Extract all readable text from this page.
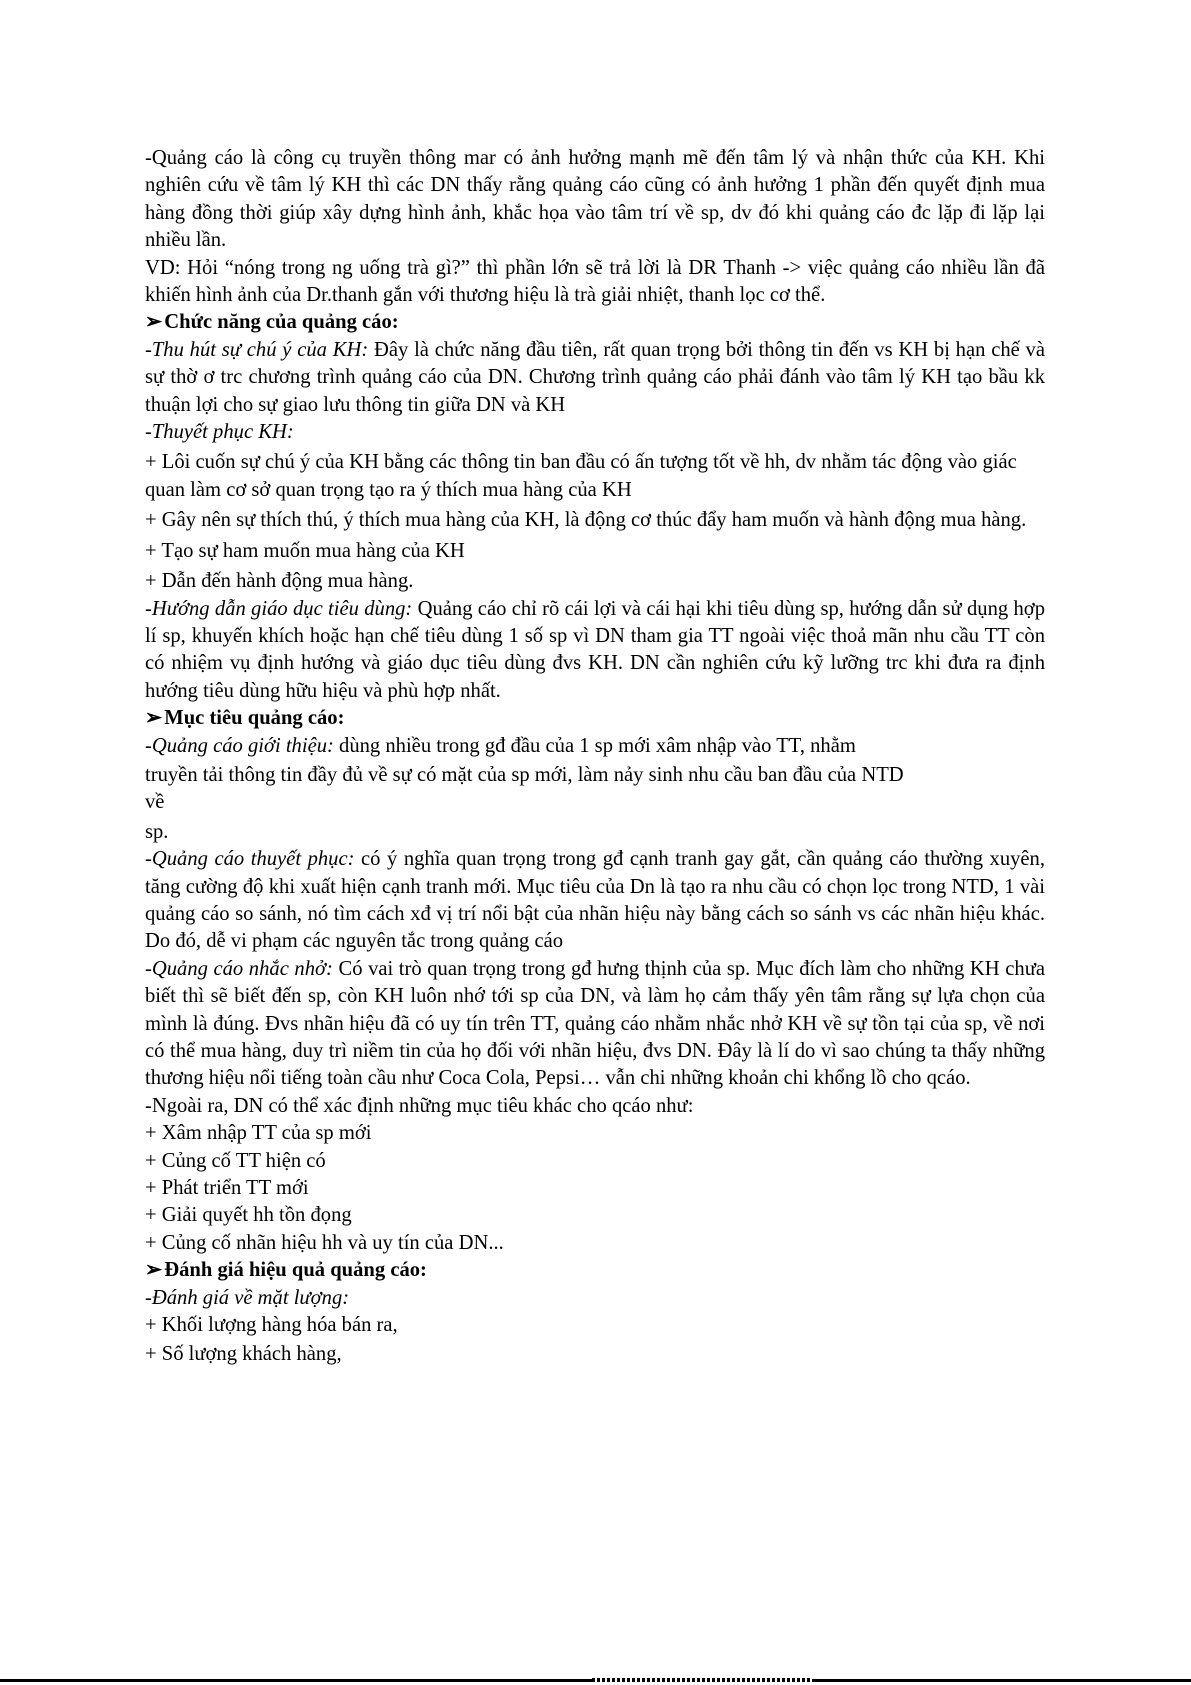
-Quảng cáo là công cụ truyền thông mar có ảnh hưởng mạnh mẽ đến tâm lý và nhận thức của KH. Khi nghiên cứu về tâm lý KH thì các DN thấy rằng quảng cáo cũng có ảnh hưởng 1 phần đến quyết định mua hàng đồng thời giúp xây dựng hình ảnh, khắc họa vào tâm trí về sp, dv đó khi quảng cáo đc lặp đi lặp lại nhiều lần.

VD: Hỏi “nóng trong ng uống trà gì?” thì phần lớn sẽ trả lời là DR Thanh -> việc quảng cáo nhiều lần đã khiến hình ảnh của Dr.thanh gắn với thương hiệu là trà giải nhiệt, thanh lọc cơ thể.

➢Chức năng của quảng cáo:

-Thu hút sự chú ý của KH: Đây là chức năng đầu tiên, rất quan trọng bởi thông tin đến vs KH bị hạn chế và sự thờ ơ trc chương trình quảng cáo của DN. Chương trình quảng cáo phải đánh vào tâm lý KH tạo bầu kk thuận lợi cho sự giao lưu thông tin giữa DN và KH

-Thuyết phục KH:

+ Lôi cuốn sự chú ý của KH bằng các thông tin ban đầu có ấn tượng tốt về hh, dv nhằm tác động vào giác quan làm cơ sở quan trọng tạo ra ý thích mua hàng của KH

+ Gây nên sự thích thú, ý thích mua hàng của KH, là động cơ thúc đẩy ham muốn và hành động mua hàng.

+ Tạo sự ham muốn mua hàng của KH

+ Dẫn đến hành động mua hàng.

-Hướng dẫn giáo dục tiêu dùng: Quảng cáo chỉ rõ cái lợi và cái hại khi tiêu dùng sp, hướng dẫn sử dụng hợp lí sp, khuyến khích hoặc hạn chế tiêu dùng 1 số sp vì DN tham gia TT ngoài việc thoả mãn nhu cầu TT còn có nhiệm vụ định hướng và giáo dục tiêu dùng đvs KH. DN cần nghiên cứu kỹ lưỡng trc khi đưa ra định hướng tiêu dùng hữu hiệu và phù hợp nhất.

➢Mục tiêu quảng cáo:

-Quảng cáo giới thiệu: dùng nhiều trong gđ đầu của 1 sp mới xâm nhập vào TT, nhằm

truyền tải thông tin đầy đủ về sự có mặt của sp mới, làm nảy sinh nhu cầu ban đầu của NTD

về

sp.

-Quảng cáo thuyết phục: có ý nghĩa quan trọng trong gđ cạnh tranh gay gắt, cần quảng cáo thường xuyên, tăng cường độ khi xuất hiện cạnh tranh mới. Mục tiêu của Dn là tạo ra nhu cầu có chọn lọc trong NTD, 1 vài quảng cáo so sánh, nó tìm cách xđ vị trí nổi bật của nhãn hiệu này bằng cách so sánh vs các nhãn hiệu khác. Do đó, dễ vi phạm các nguyên tắc trong quảng cáo

-Quảng cáo nhắc nhở: Có vai trò quan trọng trong gđ hưng thịnh của sp. Mục đích làm cho những KH chưa biết thì sẽ biết đến sp, còn KH luôn nhớ tới sp của DN, và làm họ cảm thấy yên tâm rằng sự lựa chọn của mình là đúng. Đvs nhãn hiệu đã có uy tín trên TT, quảng cáo nhằm nhắc nhở KH về sự tồn tại của sp, về nơi có thể mua hàng, duy trì niềm tin của họ đối với nhãn hiệu, đvs DN. Đây là lí do vì sao chúng ta thấy những thương hiệu nổi tiếng toàn cầu như Coca Cola, Pepsi… vẫn chi những khoản chi khổng lồ cho qcáo.

-Ngoài ra, DN có thể xác định những mục tiêu khác cho qcáo như:

+ Xâm nhập TT của sp mới

+ Củng cố TT hiện có

+ Phát triển TT mới

+ Giải quyết hh tồn đọng

+ Củng cố nhãn hiệu hh và uy tín của DN...

➢Đánh giá hiệu quả quảng cáo:

-Đánh giá về mặt lượng:

+ Khối lượng hàng hóa bán ra,

+ Số lượng khách hàng,
